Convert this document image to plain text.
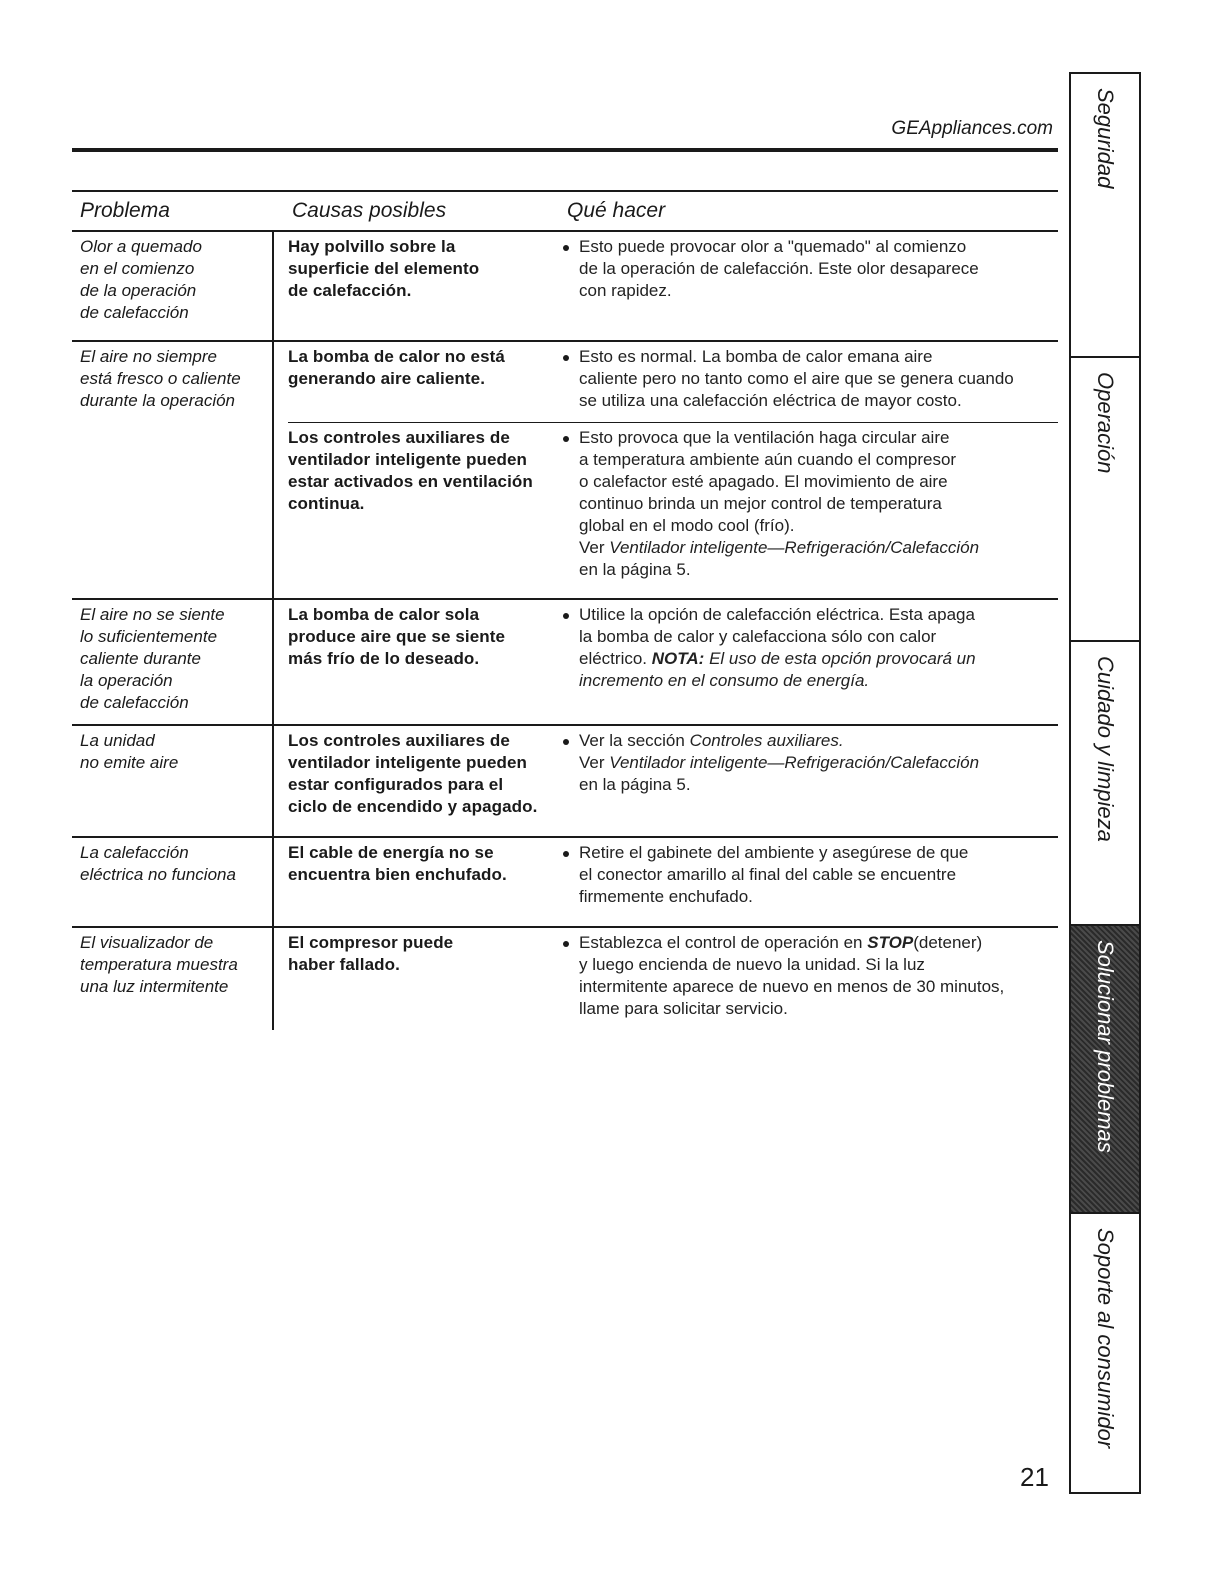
GEAppliances.com
Problema	Causas posibles	Qué hacer
Olor a quemado
en el comienzo
de la operación
de calefacción
Hay polvillo sobre la
superficie del elemento
de calefacción.
Esto puede provocar olor a "quemado" al comienzo
de la operación de calefacción. Este olor desaparece
con rapidez.
El aire no siempre
está fresco o caliente
durante la operación
La bomba de calor no está
generando aire caliente.
Esto es normal. La bomba de calor emana aire
caliente pero no tanto como el aire que se genera cuando
se utiliza una calefacción eléctrica de mayor costo.
Los controles auxiliares de
ventilador inteligente pueden
estar activados en ventilación
continua.
Esto provoca que la ventilación haga circular aire
a temperatura ambiente aún cuando el compresor
o calefactor esté apagado. El movimiento de aire
continuo brinda un mejor control de temperatura
global en el modo cool (frío).
Ver Ventilador inteligente—Refrigeración/Calefacción
en la página 5.
El aire no se siente
lo suficientemente
caliente durante
la operación
de calefacción
La bomba de calor sola
produce aire que se siente
más frío de lo deseado.
Utilice la opción de calefacción eléctrica. Esta apaga
la bomba de calor y calefacciona sólo con calor
eléctrico. NOTA: El uso de esta opción provocará un
incremento en el consumo de energía.
La unidad
no emite aire
Los controles auxiliares de
ventilador inteligente pueden
estar configurados para el
ciclo de encendido y apagado.
Ver la sección Controles auxiliares.
Ver Ventilador inteligente—Refrigeración/Calefacción
en la página 5.
La calefacción
eléctrica no funciona
El cable de energía no se
encuentra bien enchufado.
Retire el gabinete del ambiente y asegúrese de que
el conector amarillo al final del cable se encuentre
firmemente enchufado.
El visualizador de
temperatura muestra
una luz intermitente
El compresor puede
haber fallado.
Establezca el control de operación en STOP(detener)
y luego encienda de nuevo la unidad. Si la luz
intermitente aparece de nuevo en menos de 30 minutos,
llame para solicitar servicio.
21
Seguridad
Operación
Cuidado y limpieza
Solucionar problemas
Soporte al consumidor
